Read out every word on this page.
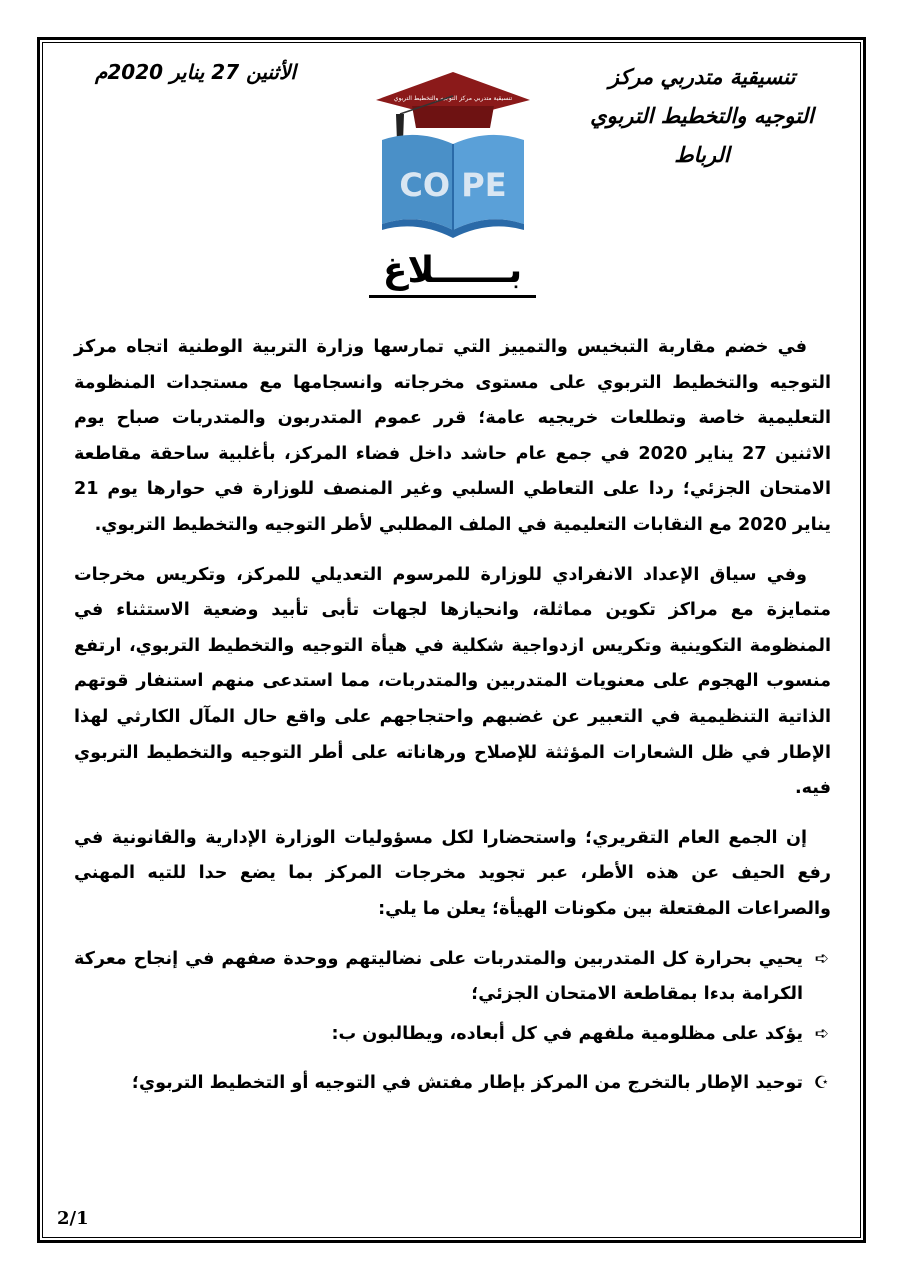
تنسيقية متدربي مركز
التوجيه والتخطيط التربوي
الرباط
الأثنين 27 يناير 2020م
تنسيقية متدربي مركز التوجيه والتخطيط التربوي
CO PE
بــــــلاغ

في خضم مقاربة التبخيس والتمييز التي تمارسها وزارة التربية الوطنية اتجاه مركز التوجيه والتخطيط التربوي على مستوى مخرجاته وانسجامها مع مستجدات المنظومة التعليمية خاصة وتطلعات خريجيه عامة؛ قرر عموم المتدربون والمتدربات صباح يوم الاثنين 27 يناير 2020 في جمع عام حاشد داخل فضاء المركز، بأغلبية ساحقة مقاطعة الامتحان الجزئي؛ ردا على التعاطي السلبي وغير المنصف للوزارة في حوارها يوم 21 يناير 2020 مع النقابات التعليمية في الملف المطلبي لأطر التوجيه والتخطيط التربوي.

وفي سياق الإعداد الانفرادي للوزارة للمرسوم التعديلي للمركز، وتكريس مخرجات متمايزة مع مراكز تكوين مماثلة، وانحيازها لجهات تأبى تأبيد وضعية الاستثناء في المنظومة التكوينية وتكريس ازدواجية شكلية في هيأة التوجيه والتخطيط التربوي، ارتفع منسوب الهجوم على معنويات المتدربين والمتدربات، مما استدعى منهم استنفار قوتهم الذاتية التنظيمية في التعبير عن غضبهم واحتجاجهم على واقع حال المآل الكارثي لهذا الإطار في ظل الشعارات المؤثثة للإصلاح ورهاناته على أطر التوجيه والتخطيط التربوي فيه.

إن الجمع العام التقريري؛ واستحضارا لكل مسؤوليات الوزارة الإدارية والقانونية في رفع الحيف عن هذه الأطر، عبر تجويد مخرجات المركز بما يضع حدا للتيه المهني والصراعات المفتعلة بين مكونات الهيأة؛ يعلن ما يلي:

➪
يحيي بحرارة كل المتدربين والمتدربات على نضاليتهم ووحدة صفهم في إنجاح معركة الكرامة بدءا بمقاطعة الامتحان الجزئي؛
➪
يؤكد على مظلومية ملفهم في كل أبعاده، ويطالبون ب:
☪
توحيد الإطار بالتخرج من المركز بإطار مفتش في التوجيه أو التخطيط التربوي؛
2/1
